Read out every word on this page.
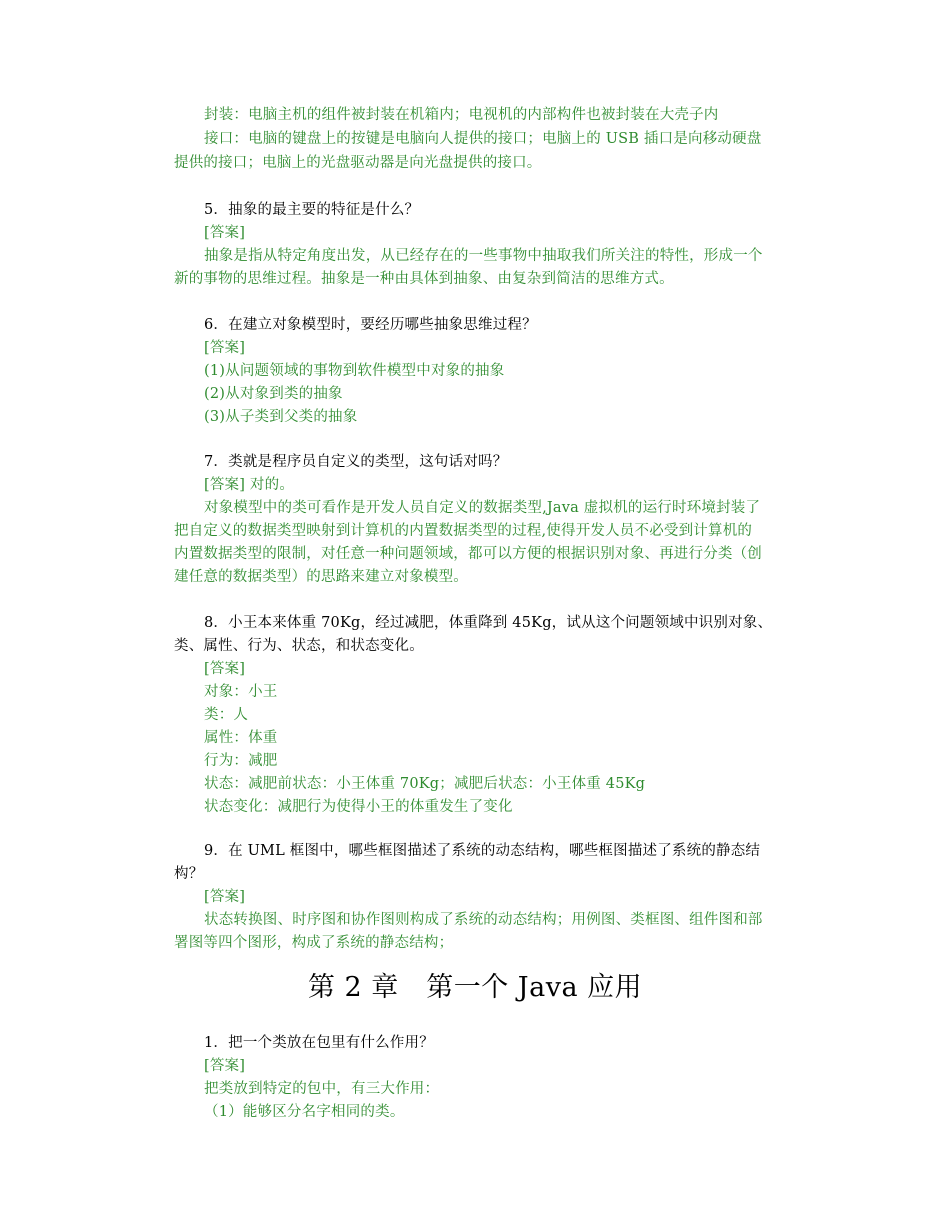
封装：电脑主机的组件被封装在机箱内；电视机的内部构件也被封装在大壳子内
接口：电脑的键盘上的按键是电脑向人提供的接口；电脑上的 USB 插口是向移动硬盘
提供的接口；电脑上的光盘驱动器是向光盘提供的接口。
5．抽象的最主要的特征是什么？
[答案]
抽象是指从特定角度出发，从已经存在的一些事物中抽取我们所关注的特性，形成一个
新的事物的思维过程。抽象是一种由具体到抽象、由复杂到简洁的思维方式。
6．在建立对象模型时，要经历哪些抽象思维过程？
[答案]
(1)从问题领域的事物到软件模型中对象的抽象
(2)从对象到类的抽象
(3)从子类到父类的抽象
7．类就是程序员自定义的类型，这句话对吗？
[答案] 对的。
对象模型中的类可看作是开发人员自定义的数据类型,Java 虚拟机的运行时环境封装了
把自定义的数据类型映射到计算机的内置数据类型的过程,使得开发人员不必受到计算机的
内置数据类型的限制，对任意一种问题领域，都可以方便的根据识别对象、再进行分类（创
建任意的数据类型）的思路来建立对象模型。
8．小王本来体重 70Kg，经过减肥，体重降到 45Kg，试从这个问题领域中识别对象、
类、属性、行为、状态，和状态变化。
[答案]
对象：小王
类：人
属性：体重
行为：减肥
状态：减肥前状态：小王体重 70Kg；减肥后状态：小王体重 45Kg
状态变化：减肥行为使得小王的体重发生了变化
9．在 UML 框图中，哪些框图描述了系统的动态结构，哪些框图描述了系统的静态结
构？
[答案]
状态转换图、时序图和协作图则构成了系统的动态结构；用例图、类框图、组件图和部
署图等四个图形，构成了系统的静态结构；
第 2 章　第一个 Java 应用
1．把一个类放在包里有什么作用？
[答案]
把类放到特定的包中，有三大作用：
（1）能够区分名字相同的类。
